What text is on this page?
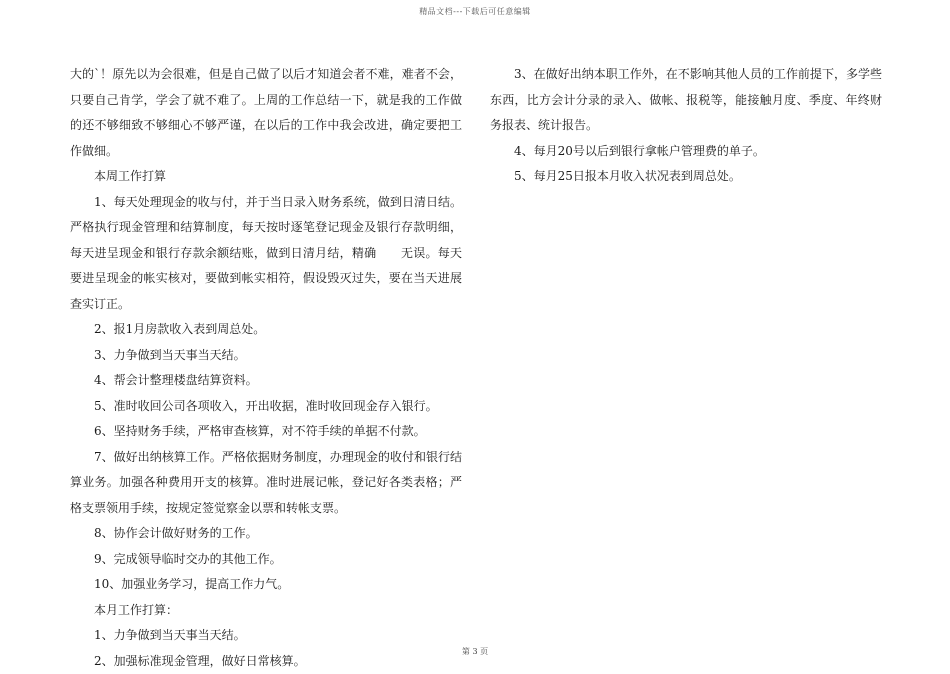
精品文档---下载后可任意编辑

大的`！原先以为会很难，但是自己做了以后才知道会者不难，难者不会，只要自己肯学，学会了就不难了。上周的工作总结一下，就是我的工作做的还不够细致不够细心不够严谨，在以后的工作中我会改进，确定要把工作做细。

本周工作打算

1、每天处理现金的收与付，并于当日录入财务系统，做到日清日结。严格执行现金管理和结算制度，每天按时逐笔登记现金及银行存款明细，每天进呈现金和银行存款余额结账，做到日清月结，精确　　无误。每天要进呈现金的帐实核对，要做到帐实相符，假设毁灭过失，要在当天进展查实订正。

2、报1月房款收入表到周总处。

3、力争做到当天事当天结。

4、帮会计整理楼盘结算资料。

5、准时收回公司各项收入，开出收据，准时收回现金存入银行。

6、坚持财务手续，严格审查核算，对不符手续的单据不付款。

7、做好出纳核算工作。严格依据财务制度，办理现金的收付和银行结算业务。加强各种费用开支的核算。准时进展记帐，登记好各类表格；严格支票领用手续，按规定签觉察金以票和转帐支票。

8、协作会计做好财务的工作。

9、完成领导临时交办的其他工作。

10、加强业务学习，提高工作力气。

本月工作打算：

1、力争做到当天事当天结。

2、加强标准现金管理，做好日常核算。

3、在做好出纳本职工作外，在不影响其他人员的工作前提下，多学些东西，比方会计分录的录入、做帐、报税等，能接触月度、季度、年终财务报表、统计报告。

4、每月20号以后到银行拿帐户管理费的单子。

5、每月25日报本月收入状况表到周总处。

第 3 页
